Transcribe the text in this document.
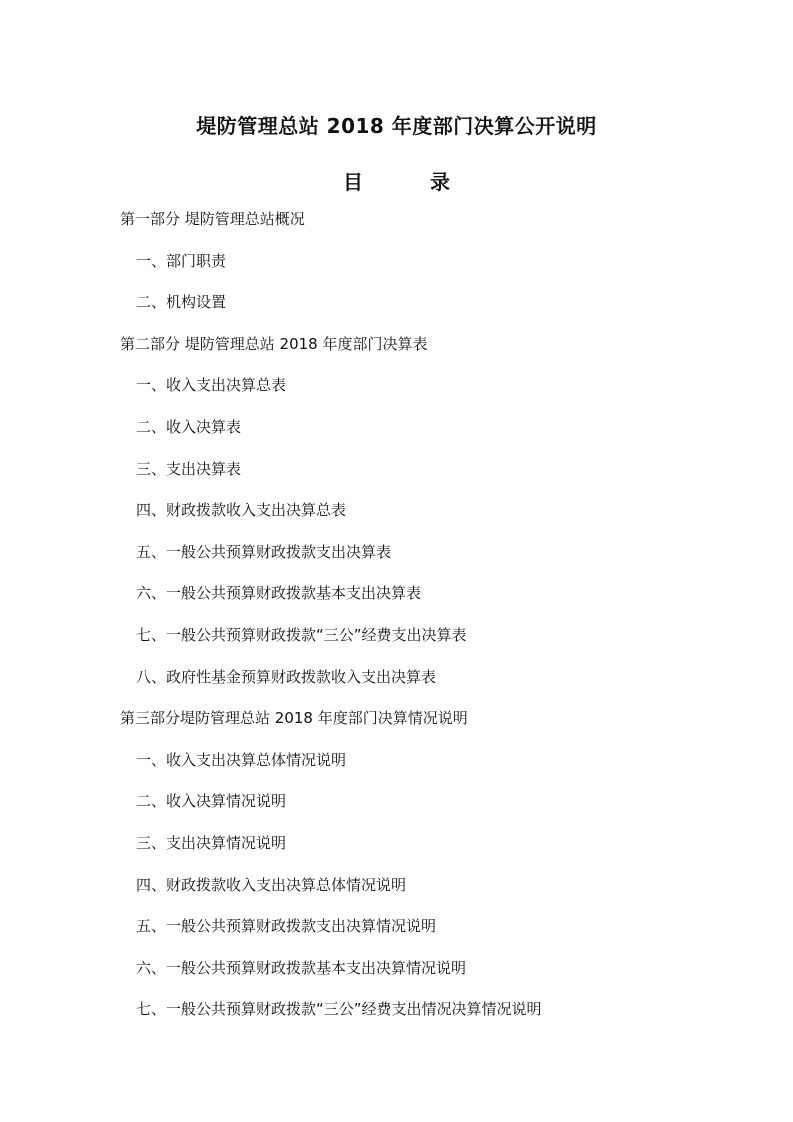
堤防管理总站 2018 年度部门决算公开说明
目 录
第一部分 堤防管理总站概况
一、部门职责
二、机构设置
第二部分 堤防管理总站 2018 年度部门决算表
一、收入支出决算总表
二、收入决算表
三、支出决算表
四、财政拨款收入支出决算总表
五、一般公共预算财政拨款支出决算表
六、一般公共预算财政拨款基本支出决算表
七、一般公共预算财政拨款“三公”经费支出决算表
八、政府性基金预算财政拨款收入支出决算表
第三部分堤防管理总站 2018 年度部门决算情况说明
一、收入支出决算总体情况说明
二、收入决算情况说明
三、支出决算情况说明
四、财政拨款收入支出决算总体情况说明
五、一般公共预算财政拨款支出决算情况说明
六、一般公共预算财政拨款基本支出决算情况说明
七、一般公共预算财政拨款“三公”经费支出情况决算情况说明
